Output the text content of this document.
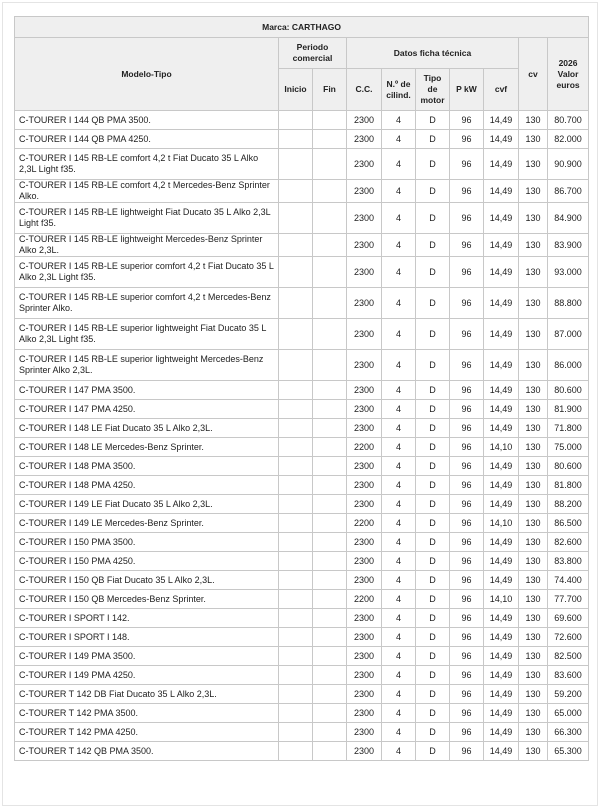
Marca: CARTHAGO									
Modelo-Tipo	Periodo comercial		Datos ficha técnica					cv	2026 Valor euros
	Inicio	Fin	C.C.	N.º de cilind.	Tipo de motor	P kW	cvf		
C-TOURER I 144 QB PMA 3500.			2300	4	D	96	14,49	130	80.700
C-TOURER I 144 QB PMA 4250.			2300	4	D	96	14,49	130	82.000
C-TOURER I 145 RB-LE comfort 4,2 t Fiat Ducato 35 L Alko 2,3L Light f35.			2300	4	D	96	14,49	130	90.900
C-TOURER I 145 RB-LE comfort 4,2 t Mercedes-Benz Sprinter Alko.			2300	4	D	96	14,49	130	86.700
C-TOURER I 145 RB-LE lightweight Fiat Ducato 35 L Alko 2,3L Light f35.			2300	4	D	96	14,49	130	84.900
C-TOURER I 145 RB-LE lightweight Mercedes-Benz Sprinter Alko 2,3L.			2300	4	D	96	14,49	130	83.900
C-TOURER I 145 RB-LE superior comfort 4,2 t Fiat Ducato 35 L Alko 2,3L Light f35.			2300	4	D	96	14,49	130	93.000
C-TOURER I 145 RB-LE superior comfort 4,2 t Mercedes-Benz Sprinter Alko.			2300	4	D	96	14,49	130	88.800
C-TOURER I 145 RB-LE superior lightweight Fiat Ducato 35 L Alko 2,3L Light f35.			2300	4	D	96	14,49	130	87.000
C-TOURER I 145 RB-LE superior lightweight Mercedes-Benz Sprinter Alko 2,3L.			2300	4	D	96	14,49	130	86.000
C-TOURER I 147 PMA 3500.			2300	4	D	96	14,49	130	80.600
C-TOURER I 147 PMA 4250.			2300	4	D	96	14,49	130	81.900
C-TOURER I 148 LE Fiat Ducato 35 L Alko 2,3L.			2300	4	D	96	14,49	130	71.800
C-TOURER I 148 LE Mercedes-Benz Sprinter.			2200	4	D	96	14,10	130	75.000
C-TOURER I 148 PMA 3500.			2300	4	D	96	14,49	130	80.600
C-TOURER I 148 PMA 4250.			2300	4	D	96	14,49	130	81.800
C-TOURER I 149 LE Fiat Ducato 35 L Alko 2,3L.			2300	4	D	96	14,49	130	88.200
C-TOURER I 149 LE Mercedes-Benz Sprinter.			2200	4	D	96	14,10	130	86.500
C-TOURER I 150 PMA 3500.			2300	4	D	96	14,49	130	82.600
C-TOURER I 150 PMA 4250.			2300	4	D	96	14,49	130	83.800
C-TOURER I 150 QB Fiat Ducato 35 L Alko 2,3L.			2300	4	D	96	14,49	130	74.400
C-TOURER I 150 QB Mercedes-Benz Sprinter.			2200	4	D	96	14,10	130	77.700
C-TOURER I SPORT I 142.			2300	4	D	96	14,49	130	69.600
C-TOURER I SPORT I 148.			2300	4	D	96	14,49	130	72.600
C-TOURER I 149 PMA 3500.			2300	4	D	96	14,49	130	82.500
C-TOURER I 149 PMA 4250.			2300	4	D	96	14,49	130	83.600
C-TOURER T 142 DB Fiat Ducato 35 L Alko 2,3L.			2300	4	D	96	14,49	130	59.200
C-TOURER T 142 PMA 3500.			2300	4	D	96	14,49	130	65.000
C-TOURER T 142 PMA 4250.			2300	4	D	96	14,49	130	66.300
C-TOURER T 142 QB PMA 3500.			2300	4	D	96	14,49	130	65.300
